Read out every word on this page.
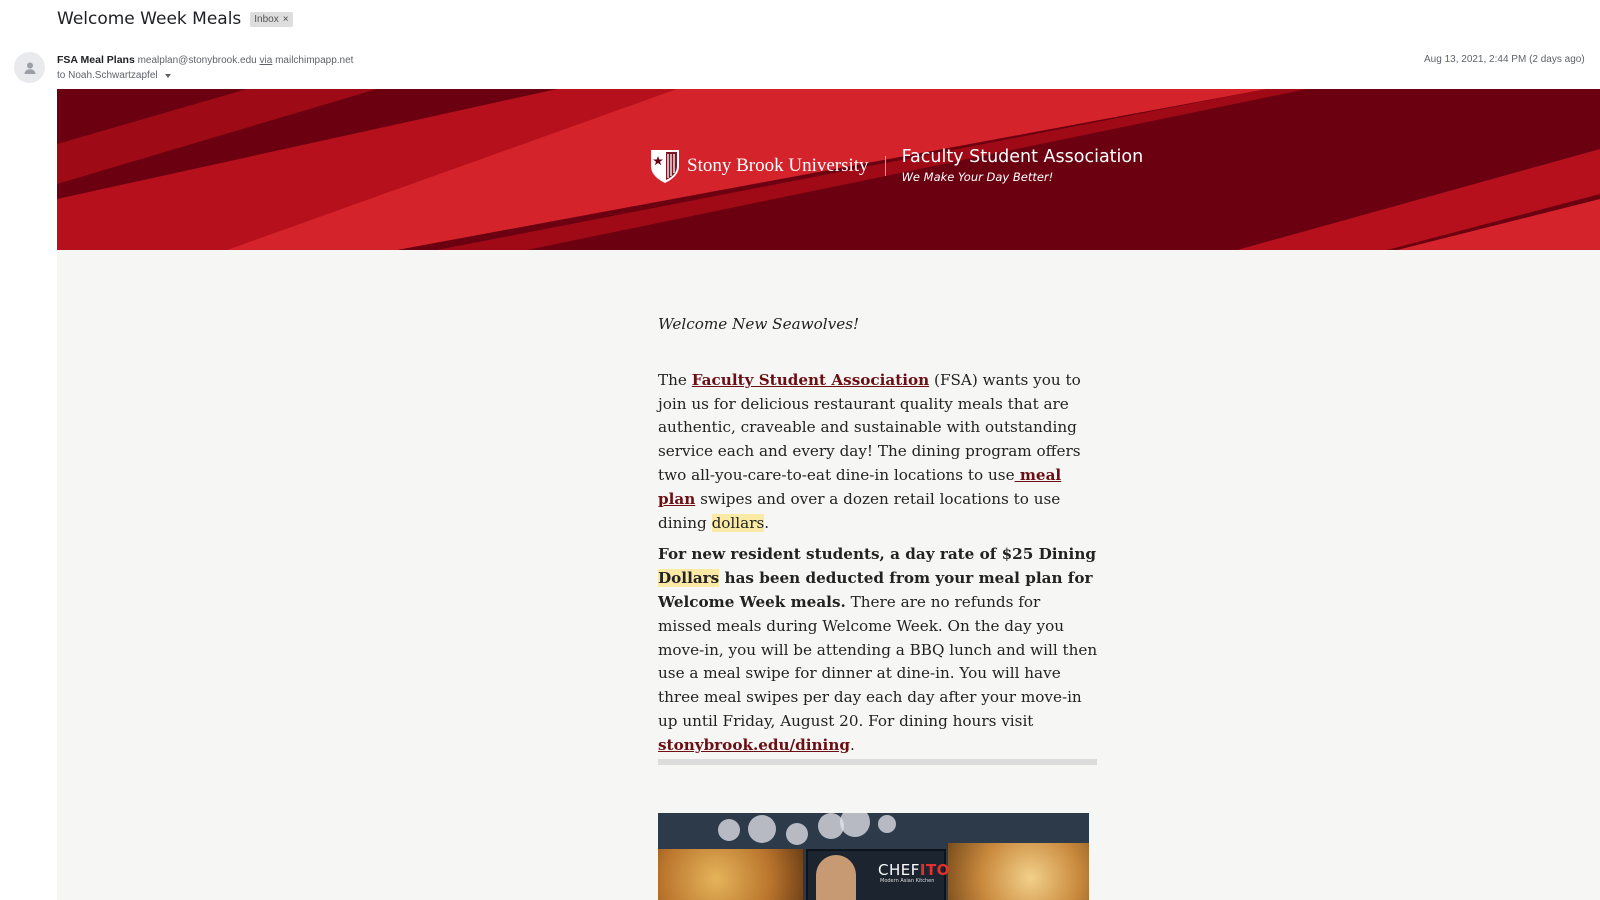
Welcome Week Meals Inbox ×
FSA Meal Plans mealplan@stonybrook.edu via mailchimpapp.net
to Noah.Schwartzapfel
Aug 13, 2021, 2:44 PM (2 days ago)
Stony Brook University Faculty Student Association
We Make Your Day Better!
Welcome New Seawolves!
The Faculty Student Association (FSA) wants you to join us for delicious restaurant quality meals that are authentic, craveable and sustainable with outstanding service each and every day! The dining program offers two all-you-care-to-eat dine-in locations to use meal plan swipes and over a dozen retail locations to use dining dollars.
For new resident students, a day rate of $25 Dining Dollars has been deducted from your meal plan for Welcome Week meals. There are no refunds for missed meals during Welcome Week. On the day you move-in, you will be attending a BBQ lunch and will then use a meal swipe for dinner at dine-in. You will have three meal swipes per day each day after your move-in up until Friday, August 20. For dining hours visit stonybrook.edu/dining.
CHEFITO
Modern Asian Kitchen
